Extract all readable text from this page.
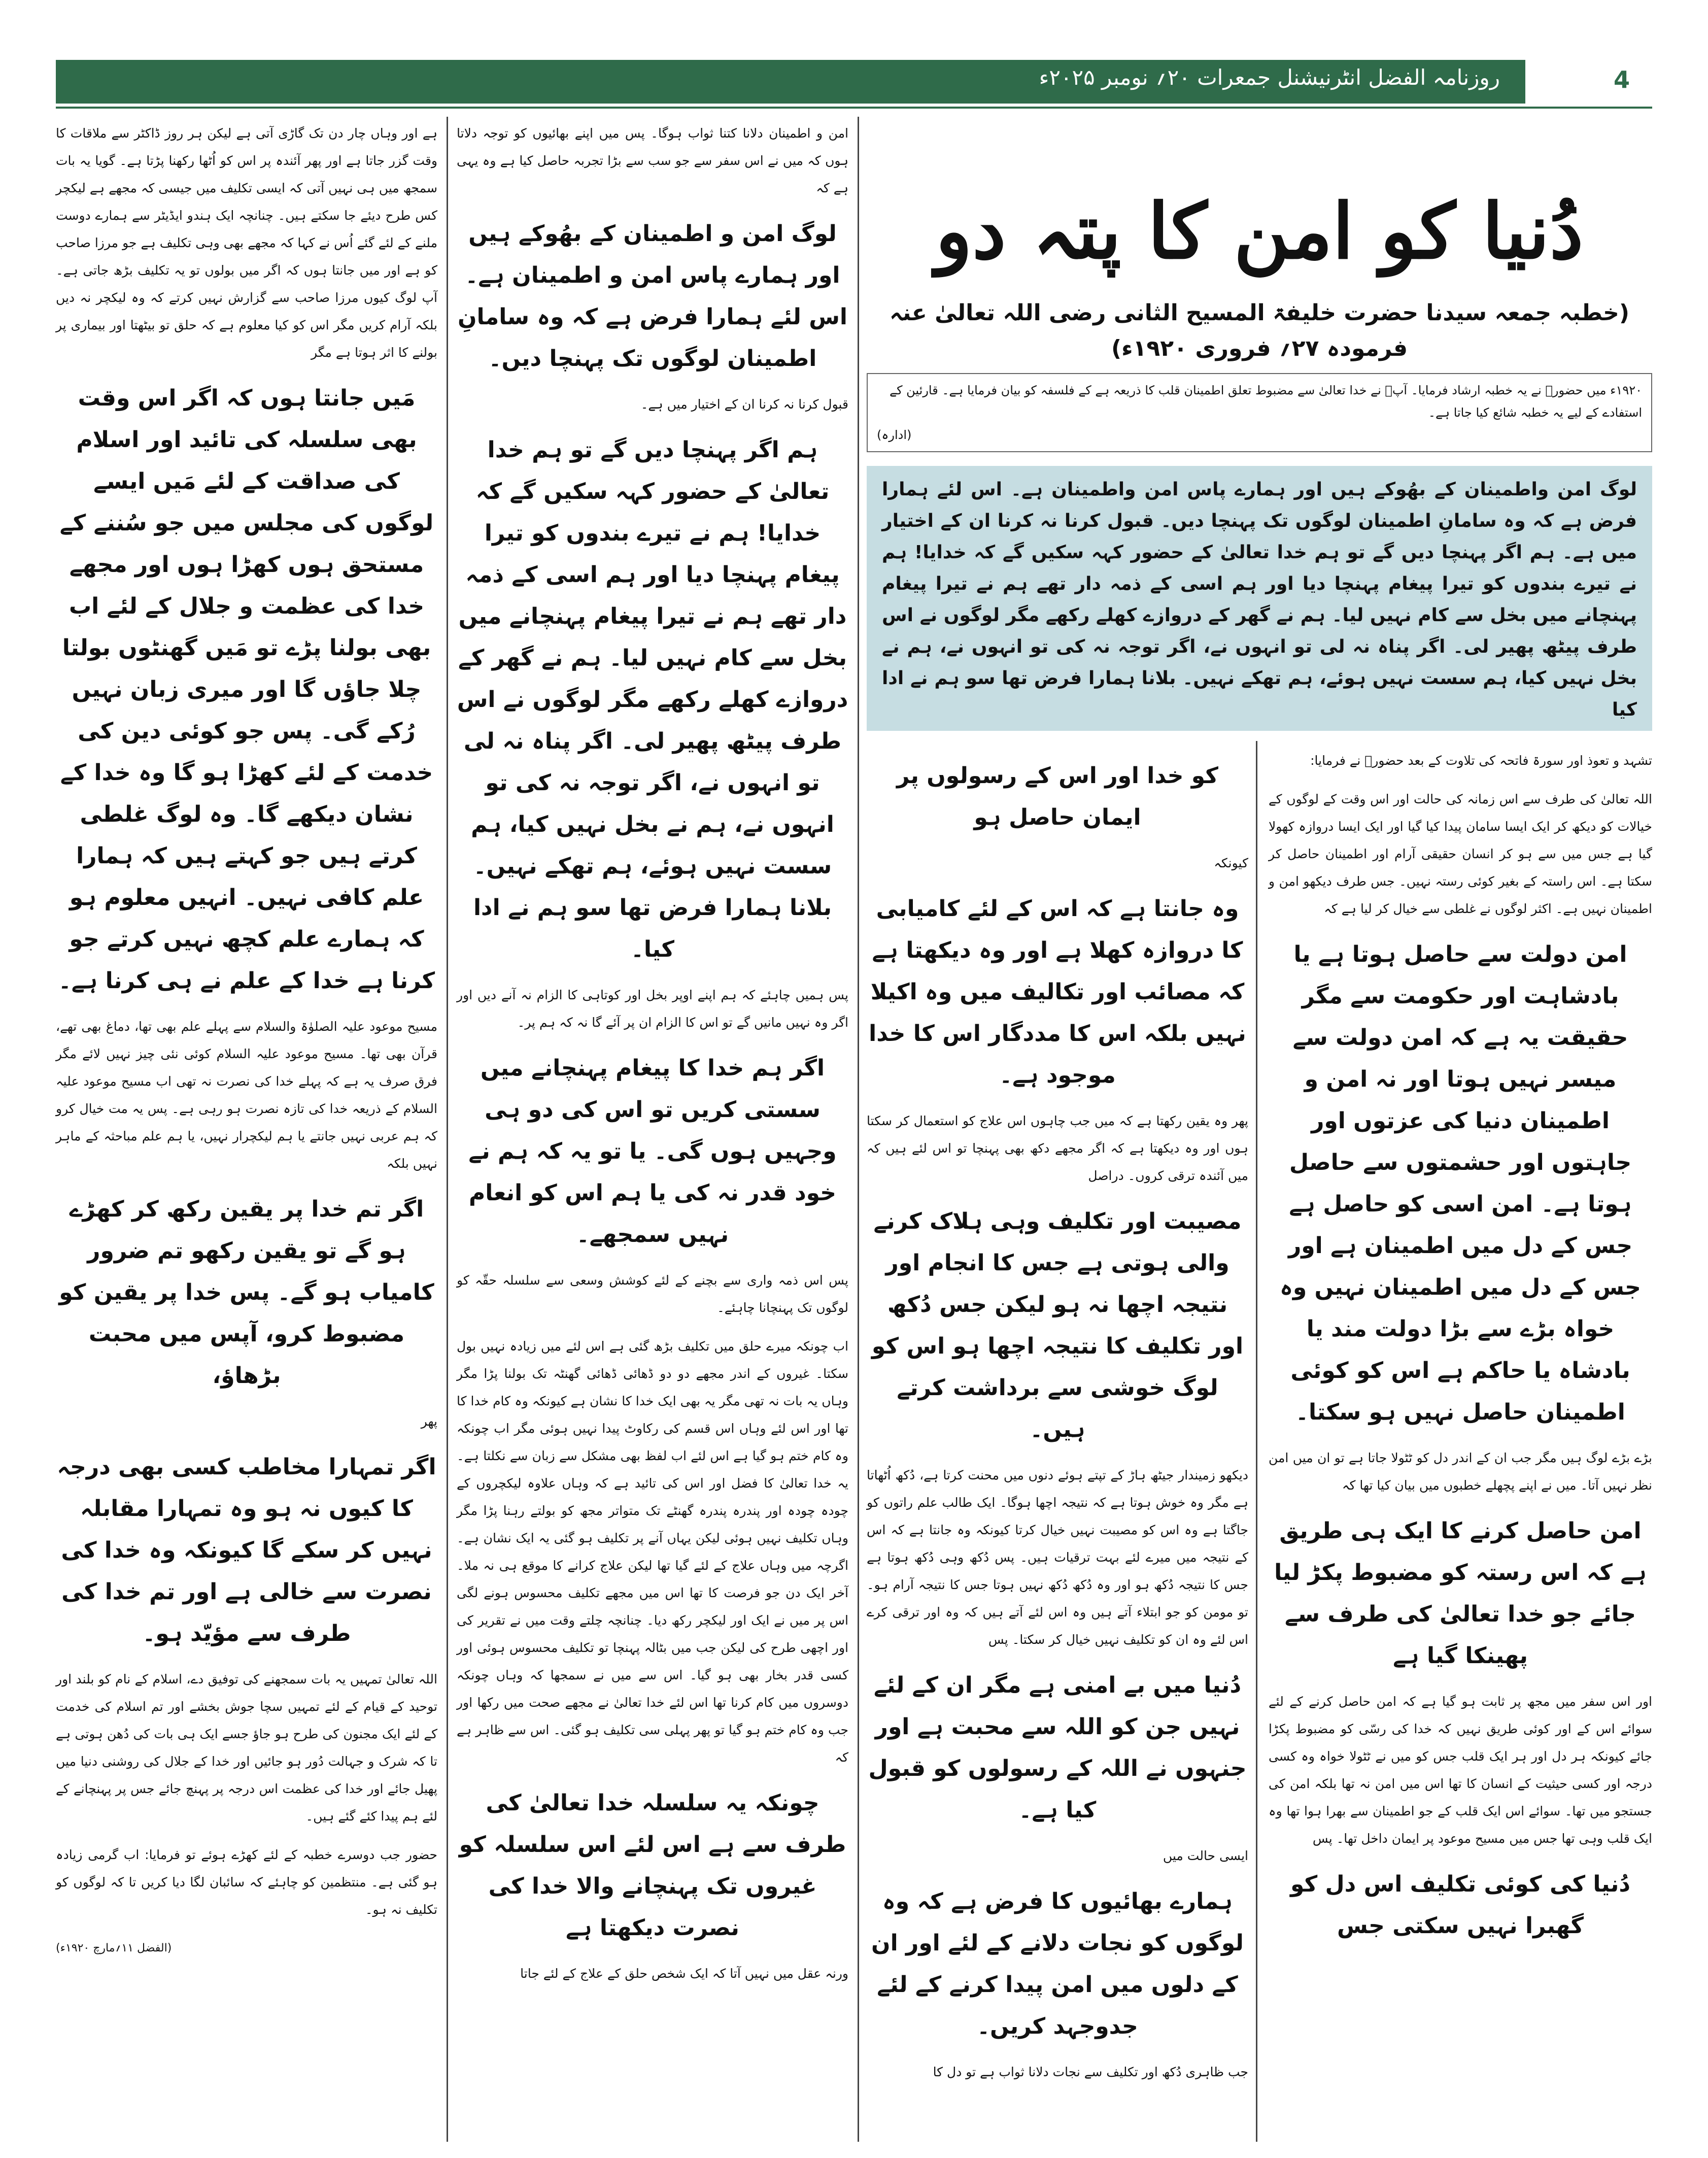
روزنامہ الفضل انٹرنیشنل جمعرات ۲۰؍ نومبر ۲۰۲۵ء	4
دُنیا کو امن کا پتہ دو
(خطبہ جمعہ سیدنا حضرت خلیفۃ المسیح الثانی رضی اللہ تعالیٰ عنہ فرمودہ ۲۷؍ فروری ۱۹۲۰ء)
۱۹۲۰ء میں حضورؓ نے یہ خطبہ ارشاد فرمایا۔ آپؓ نے خدا تعالیٰ سے مضبوط تعلق اطمینان قلب کا ذریعہ ہے کے فلسفہ کو بیان فرمایا ہے۔ قارئین کے استفادے کے لیے یہ خطبہ شائع کیا جاتا ہے۔
(ادارہ)
لوگ امن واطمینان کے بھُوکے ہیں اور ہمارے پاس امن واطمینان ہے۔ اس لئے ہمارا فرض ہے کہ وہ سامانِ اطمینان لوگوں تک پہنچا دیں۔ قبول کرنا نہ کرنا ان کے اختیار میں ہے۔ ہم اگر پہنچا دیں گے تو ہم خدا تعالیٰ کے حضور کہہ سکیں گے کہ خدایا! ہم نے تیرے بندوں کو تیرا پیغام پہنچا دیا اور ہم اسی کے ذمہ دار تھے ہم نے تیرا پیغام پہنچانے میں بخل سے کام نہیں لیا۔ ہم نے گھر کے دروازے کھلے رکھے مگر لوگوں نے اس طرف پیٹھ پھیر لی۔ اگر پناہ نہ لی تو انہوں نے، اگر توجہ نہ کی تو انہوں نے، ہم نے بخل نہیں کیا، ہم سست نہیں ہوئے، ہم تھکے نہیں۔ بلانا ہمارا فرض تھا سو ہم نے ادا کیا

تشہد و تعوذ اور سورۃ فاتحہ کی تلاوت کے بعد حضورؓ نے فرمایا:

اللہ تعالیٰ کی طرف سے اس زمانہ کی حالت اور اس وقت کے لوگوں کے خیالات کو دیکھ کر ایک ایسا سامان پیدا کیا گیا اور ایک ایسا دروازہ کھولا گیا ہے جس میں سے ہو کر انسان حقیقی آرام اور اطمینان حاصل کر سکتا ہے۔ اس راستہ کے بغیر کوئی رستہ نہیں۔ جس طرف دیکھو امن و اطمینان نہیں ہے۔ اکثر لوگوں نے غلطی سے خیال کر لیا ہے کہ

امن دولت سے حاصل ہوتا ہے یا بادشاہت اور حکومت سے مگر حقیقت یہ ہے کہ امن دولت سے میسر نہیں ہوتا اور نہ امن و اطمینان دنیا کی عزتوں اور جاہتوں اور حشمتوں سے حاصل ہوتا ہے۔ امن اسی کو حاصل ہے جس کے دل میں اطمینان ہے اور جس کے دل میں اطمینان نہیں وہ خواہ بڑے سے بڑا دولت مند یا بادشاہ یا حاکم ہے اس کو کوئی اطمینان حاصل نہیں ہو سکتا۔

بڑے بڑے لوگ ہیں مگر جب ان کے اندر دل کو ٹٹولا جاتا ہے تو ان میں امن نظر نہیں آتا۔ میں نے اپنے پچھلے خطبوں میں بیان کیا تھا کہ

امن حاصل کرنے کا ایک ہی طریق ہے کہ اس رستہ کو مضبوط پکڑ لیا جائے جو خدا تعالیٰ کی طرف سے پھینکا گیا ہے

اور اس سفر میں مجھ پر ثابت ہو گیا ہے کہ امن حاصل کرنے کے لئے سوائے اس کے اور کوئی طریق نہیں کہ خدا کی رسّی کو مضبوط پکڑا جائے کیونکہ ہر دل اور ہر ایک قلب جس کو میں نے ٹٹولا خواہ وہ کسی درجہ اور کسی حیثیت کے انسان کا تھا اس میں امن نہ تھا بلکہ امن کی جستجو میں تھا۔ سوائے اس ایک قلب کے جو اطمینان سے بھرا ہوا تھا وہ ایک قلب وہی تھا جس میں مسیح موعود پر ایمان داخل تھا۔ پس

دُنیا کی کوئی تکلیف اس دل کو گھبرا نہیں سکتی جس
کو خدا اور اس کے رسولوں پر ایمان حاصل ہو

کیونکہ

وہ جانتا ہے کہ اس کے لئے کامیابی کا دروازہ کھلا ہے اور وہ دیکھتا ہے کہ مصائب اور تکالیف میں وہ اکیلا نہیں بلکہ اس کا مددگار اس کا خدا موجود ہے۔

پھر وہ یقین رکھتا ہے کہ میں جب چاہوں اس علاج کو استعمال کر سکتا ہوں اور وہ دیکھتا ہے کہ اگر مجھے دکھ بھی پہنچا تو اس لئے ہیں کہ میں آئندہ ترقی کروں۔ دراصل

مصیبت اور تکلیف وہی ہلاک کرنے والی ہوتی ہے جس کا انجام اور نتیجہ اچھا نہ ہو لیکن جس دُکھ اور تکلیف کا نتیجہ اچھا ہو اس کو لوگ خوشی سے برداشت کرتے ہیں۔

دیکھو زمیندار جیٹھ ہاڑ کے تپتے ہوئے دنوں میں محنت کرتا ہے، دُکھ اُٹھاتا ہے مگر وہ خوش ہوتا ہے کہ نتیجہ اچھا ہوگا۔ ایک طالب علم راتوں کو جاگتا ہے وہ اس کو مصیبت نہیں خیال کرتا کیونکہ وہ جانتا ہے کہ اس کے نتیجہ میں میرے لئے بہت ترقیات ہیں۔ پس دُکھ وہی دُکھ ہوتا ہے جس کا نتیجہ دُکھ ہو اور وہ دُکھ دُکھ نہیں ہوتا جس کا نتیجہ آرام ہو۔ تو مومن کو جو ابتلاء آتے ہیں وہ اس لئے آتے ہیں کہ وہ اور ترقی کرے اس لئے وہ ان کو تکلیف نہیں خیال کر سکتا۔ پس

دُنیا میں بے امنی ہے مگر ان کے لئے نہیں جن کو اللہ سے محبت ہے اور جنہوں نے اللہ کے رسولوں کو قبول کیا ہے۔

ایسی حالت میں

ہمارے بھائیوں کا فرض ہے کہ وہ لوگوں کو نجات دلانے کے لئے اور ان کے دلوں میں امن پیدا کرنے کے لئے جدوجہد کریں۔

جب ظاہری دُکھ اور تکلیف سے نجات دلانا ثواب ہے تو دل کا

امن و اطمینان دلانا کتنا ثواب ہوگا۔ پس میں اپنے بھائیوں کو توجہ دلاتا ہوں کہ میں نے اس سفر سے جو سب سے بڑا تجربہ حاصل کیا ہے وہ یہی ہے کہ

لوگ امن و اطمینان کے بھُوکے ہیں اور ہمارے پاس امن و اطمینان ہے۔ اس لئے ہمارا فرض ہے کہ وہ سامانِ اطمینان لوگوں تک پہنچا دیں۔

قبول کرنا نہ کرنا ان کے اختیار میں ہے۔

ہم اگر پہنچا دیں گے تو ہم خدا تعالیٰ کے حضور کہہ سکیں گے کہ خدایا! ہم نے تیرے بندوں کو تیرا پیغام پہنچا دیا اور ہم اسی کے ذمہ دار تھے ہم نے تیرا پیغام پہنچانے میں بخل سے کام نہیں لیا۔ ہم نے گھر کے دروازے کھلے رکھے مگر لوگوں نے اس طرف پیٹھ پھیر لی۔ اگر پناہ نہ لی تو انہوں نے، اگر توجہ نہ کی تو انہوں نے، ہم نے بخل نہیں کیا، ہم سست نہیں ہوئے، ہم تھکے نہیں۔ بلانا ہمارا فرض تھا سو ہم نے ادا کیا۔

پس ہمیں چاہئے کہ ہم اپنے اوپر بخل اور کوتاہی کا الزام نہ آنے دیں اور اگر وہ نہیں مانیں گے تو اس کا الزام ان پر آئے گا نہ کہ ہم پر۔

اگر ہم خدا کا پیغام پہنچانے میں سستی کریں تو اس کی دو ہی وجہیں ہوں گی۔ یا تو یہ کہ ہم نے خود قدر نہ کی یا ہم اس کو انعام نہیں سمجھے۔

پس اس ذمہ واری سے بچنے کے لئے کوشش وسعی سے سلسلہ حقّہ کو لوگوں تک پہنچانا چاہئے۔

اب چونکہ میرے حلق میں تکلیف بڑھ گئی ہے اس لئے میں زیادہ نہیں بول سکتا۔ غیروں کے اندر مجھے دو دو ڈھائی ڈھائی گھنٹہ تک بولنا پڑا مگر وہاں یہ بات نہ تھی مگر یہ بھی ایک خدا کا نشان ہے کیونکہ وہ کام خدا کا تھا اور اس لئے وہاں اس قسم کی رکاوٹ پیدا نہیں ہوئی مگر اب چونکہ وہ کام ختم ہو گیا ہے اس لئے اب لفظ بھی مشکل سے زبان سے نکلتا ہے۔ یہ خدا تعالیٰ کا فضل اور اس کی تائید ہے کہ وہاں علاوہ لیکچروں کے چودہ چودہ اور پندرہ پندرہ گھنٹے تک متواتر مجھ کو بولتے رہنا پڑا مگر وہاں تکلیف نہیں ہوئی لیکن یہاں آنے پر تکلیف ہو گئی یہ ایک نشان ہے۔ اگرچہ میں وہاں علاج کے لئے گیا تھا لیکن علاج کرانے کا موقع ہی نہ ملا۔ آخر ایک دن جو فرصت کا تھا اس میں مجھے تکلیف محسوس ہونے لگی اس پر میں نے ایک اور لیکچر رکھ دیا۔ چنانچہ چلتے وقت میں نے تقریر کی اور اچھی طرح کی لیکن جب میں بٹالہ پہنچا تو تکلیف محسوس ہوئی اور کسی قدر بخار بھی ہو گیا۔ اس سے میں نے سمجھا کہ وہاں چونکہ دوسروں میں کام کرنا تھا اس لئے خدا تعالیٰ نے مجھے صحت میں رکھا اور جب وہ کام ختم ہو گیا تو پھر پہلی سی تکلیف ہو گئی۔ اس سے ظاہر ہے کہ

چونکہ یہ سلسلہ خدا تعالیٰ کی طرف سے ہے اس لئے اس سلسلہ کو غیروں تک پہنچانے والا خدا کی نصرت دیکھتا ہے

ورنہ عقل میں نہیں آتا کہ ایک شخص حلق کے علاج کے لئے جاتا

ہے اور وہاں چار دن تک گاڑی آتی ہے لیکن ہر روز ڈاکٹر سے ملاقات کا وقت گزر جاتا ہے اور پھر آئندہ پر اس کو اُٹھا رکھنا پڑتا ہے۔ گویا یہ بات سمجھ میں ہی نہیں آتی کہ ایسی تکلیف میں جیسی کہ مجھے ہے لیکچر کس طرح دیئے جا سکتے ہیں۔ چنانچہ ایک ہندو ایڈیٹر سے ہمارے دوست ملنے کے لئے گئے اُس نے کہا کہ مجھے بھی وہی تکلیف ہے جو مرزا صاحب کو ہے اور میں جانتا ہوں کہ اگر میں بولوں تو یہ تکلیف بڑھ جاتی ہے۔ آپ لوگ کیوں مرزا صاحب سے گزارش نہیں کرتے کہ وہ لیکچر نہ دیں بلکہ آرام کریں مگر اس کو کیا معلوم ہے کہ حلق تو بیٹھتا اور بیماری پر بولنے کا اثر ہوتا ہے مگر

مَیں جانتا ہوں کہ اگر اس وقت بھی سلسلہ کی تائید اور اسلام کی صداقت کے لئے مَیں ایسے لوگوں کی مجلس میں جو سُننے کے مستحق ہوں کھڑا ہوں اور مجھے خدا کی عظمت و جلال کے لئے اب بھی بولنا پڑے تو مَیں گھنٹوں بولتا چلا جاؤں گا اور میری زبان نہیں رُکے گی۔ پس جو کوئی دین کی خدمت کے لئے کھڑا ہو گا وہ خدا کے نشان دیکھے گا۔ وہ لوگ غلطی کرتے ہیں جو کہتے ہیں کہ ہمارا علم کافی نہیں۔ انہیں معلوم ہو کہ ہمارے علم کچھ نہیں کرتے جو کرنا ہے خدا کے علم نے ہی کرنا ہے۔

مسیح موعود علیہ الصلوٰۃ والسلام سے پہلے علم بھی تھا، دماغ بھی تھے، قرآن بھی تھا۔ مسیح موعود علیہ السلام کوئی نئی چیز نہیں لائے مگر فرق صرف یہ ہے کہ پہلے خدا کی نصرت نہ تھی اب مسیح موعود علیہ السلام کے ذریعہ خدا کی تازہ نصرت ہو رہی ہے۔ پس یہ مت خیال کرو کہ ہم عربی نہیں جانتے یا ہم لیکچرار نہیں، یا ہم علم مباحثہ کے ماہر نہیں بلکہ

اگر تم خدا پر یقین رکھ کر کھڑے ہو گے تو یقین رکھو تم ضرور کامیاب ہو گے۔ پس خدا پر یقین کو مضبوط کرو، آپس میں محبت بڑھاؤ،

پھر

اگر تمہارا مخاطب کسی بھی درجہ کا کیوں نہ ہو وہ تمہارا مقابلہ نہیں کر سکے گا کیونکہ وہ خدا کی نصرت سے خالی ہے اور تم خدا کی طرف سے مؤیّد ہو۔

اللہ تعالیٰ تمہیں یہ بات سمجھنے کی توفیق دے، اسلام کے نام کو بلند اور توحید کے قیام کے لئے تمہیں سچا جوش بخشے اور تم اسلام کی خدمت کے لئے ایک مجنون کی طرح ہو جاؤ جسے ایک ہی بات کی دُھن ہوتی ہے تا کہ شرک و جہالت دُور ہو جائیں اور خدا کے جلال کی روشنی دنیا میں پھیل جائے اور خدا کی عظمت اس درجہ پر پہنچ جائے جس پر پہنچانے کے لئے ہم پیدا کئے گئے ہیں۔

حضور جب دوسرے خطبہ کے لئے کھڑے ہوئے تو فرمایا: اب گرمی زیادہ ہو گئی ہے۔ منتظمین کو چاہئے کہ سائبان لگا دیا کریں تا کہ لوگوں کو تکلیف نہ ہو۔

(الفضل ۱۱؍مارچ ۱۹۲۰ء)
